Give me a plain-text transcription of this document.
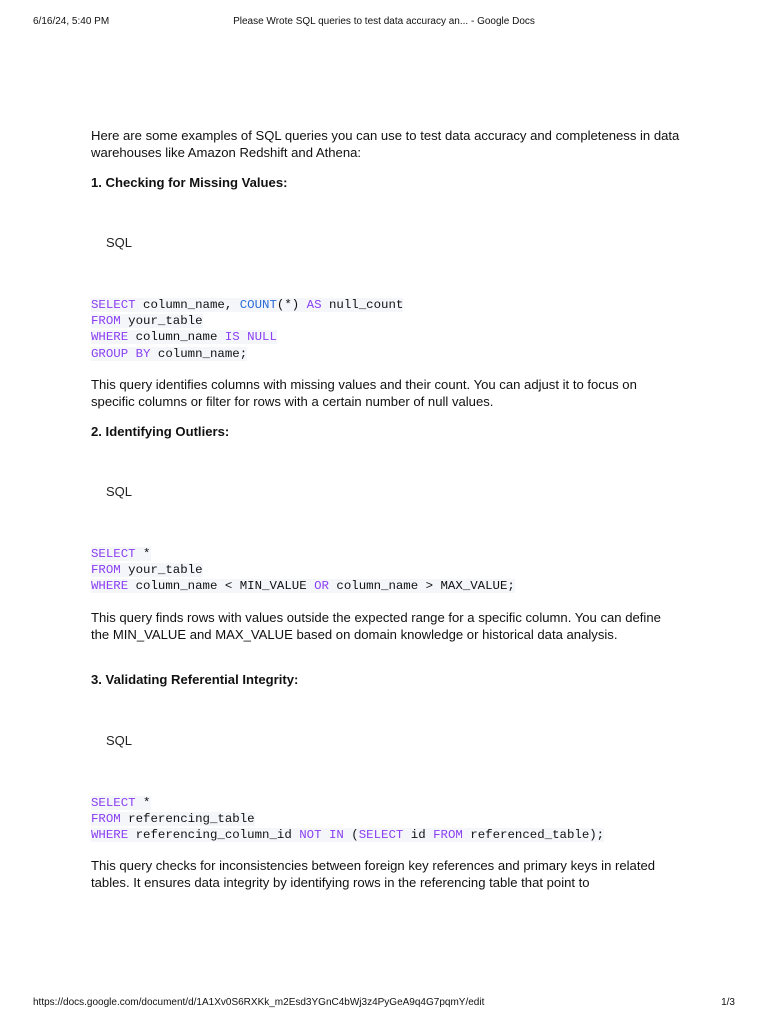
6/16/24, 5:40 PM	Please Wrote SQL queries to test data accuracy an... - Google Docs

Here are some examples of SQL queries you can use to test data accuracy and completeness in data warehouses like Amazon Redshift and Athena:

1. Checking for Missing Values:

SQL
SELECT column_name, COUNT(*) AS null_count
FROM your_table
WHERE column_name IS NULL
GROUP BY column_name;

This query identifies columns with missing values and their count. You can adjust it to focus on specific columns or filter for rows with a certain number of null values.

2. Identifying Outliers:

SQL
SELECT *
FROM your_table
WHERE column_name < MIN_VALUE OR column_name > MAX_VALUE;

This query finds rows with values outside the expected range for a specific column. You can define the MIN_VALUE and MAX_VALUE based on domain knowledge or historical data analysis.

3. Validating Referential Integrity:

SQL
SELECT *
FROM referencing_table
WHERE referencing_column_id NOT IN (SELECT id FROM referenced_table);

This query checks for inconsistencies between foreign key references and primary keys in related tables. It ensures data integrity by identifying rows in the referencing table that point to

https://docs.google.com/document/d/1A1Xv0S6RXKk_m2Esd3YGnC4bWj3z4PyGeA9q4G7pqmY/edit	1/3
